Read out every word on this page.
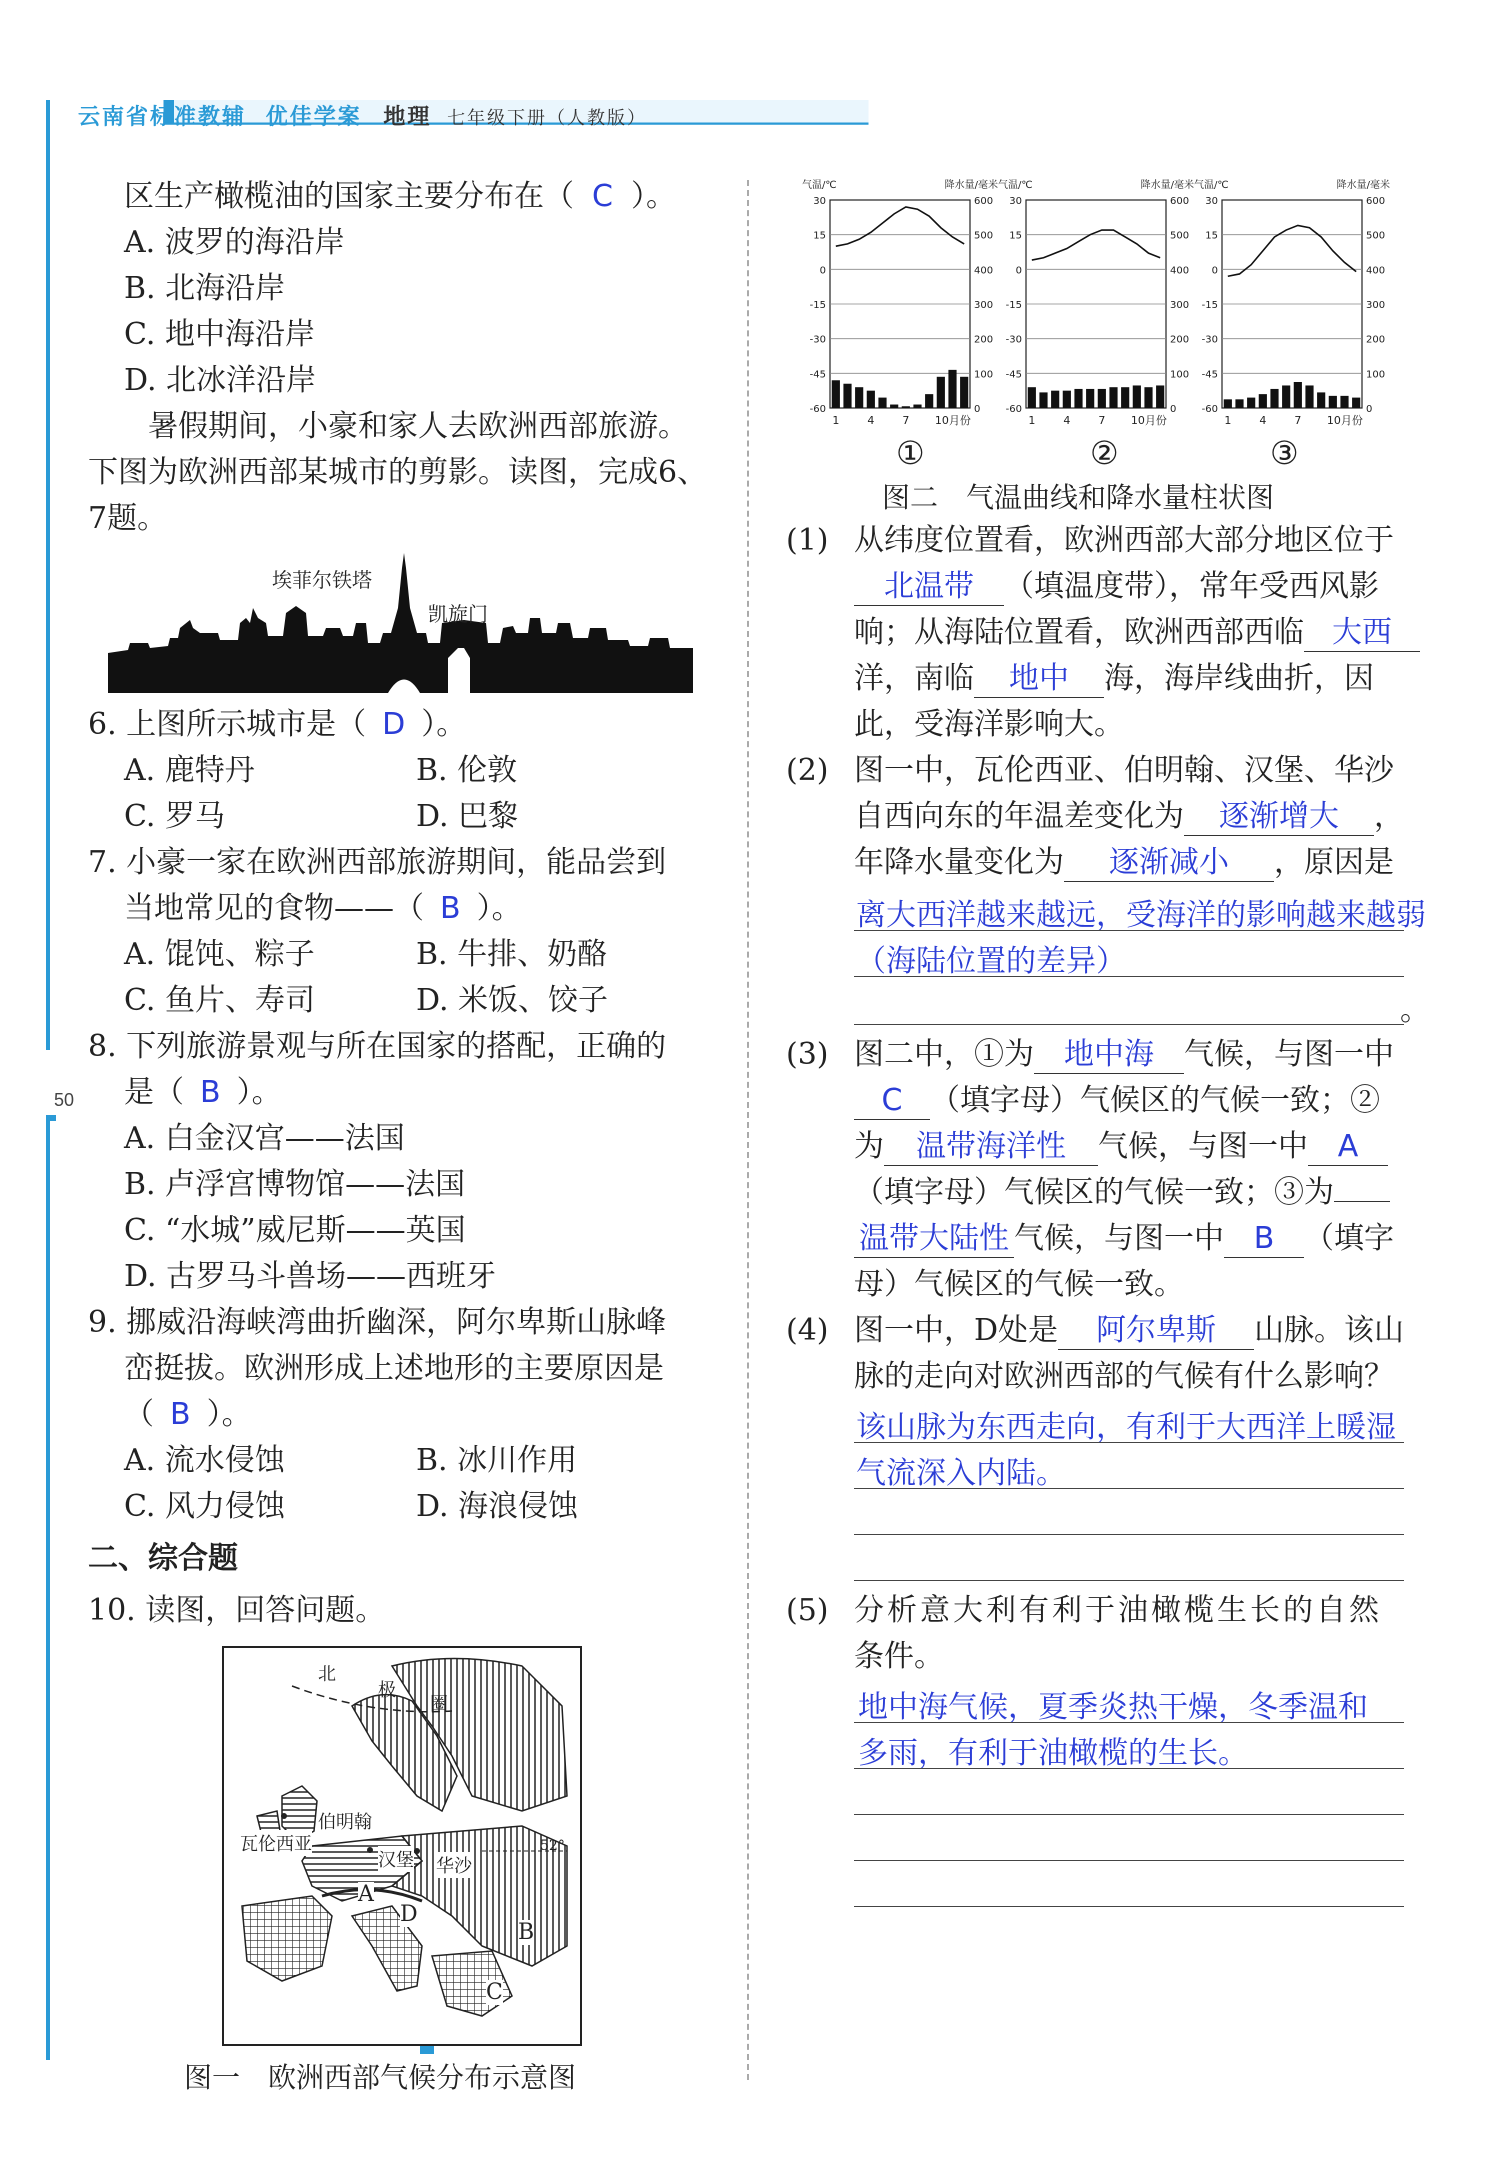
云南省标准教辅 优佳学案 地理 七年级下册（人教版）
50
区生产橄榄油的国家主要分布在（ C ）。
A. 波罗的海沿岸
B. 北海沿岸
C. 地中海沿岸
D. 北冰洋沿岸
暑假期间，小豪和家人去欧洲西部旅游。
下图为欧洲西部某城市的剪影。读图，完成6、
7题。
埃菲尔铁塔
凯旋门
6. 上图所示城市是（ D ）。
A. 鹿特丹	B. 伦敦
C. 罗马	D. 巴黎
7. 小豪一家在欧洲西部旅游期间，能品尝到
当地常见的食物——（ B ）。
A. 馄饨、粽子	B. 牛排、奶酪
C. 鱼片、寿司	D. 米饭、饺子
8. 下列旅游景观与所在国家的搭配，正确的
是（ B ）。
A. 白金汉宫——法国
B. 卢浮宫博物馆——法国
C. “水城”威尼斯——英国
D. 古罗马斗兽场——西班牙
9. 挪威沿海峡湾曲折幽深，阿尔卑斯山脉峰
峦挺拔。欧洲形成上述地形的主要原因是
（ B ）。
A. 流水侵蚀	B. 冰川作用
C. 风力侵蚀	D. 海浪侵蚀
二、综合题
10. 读图，回答问题。
北
极
圈
伯明翰
瓦伦西亚
汉堡 华沙
52°
A
B
C
D
图一　欧洲西部气候分布示意图
气温/℃	降水量/毫米
-60	0
-45	100
-30	200
-15	300
0	400
15	500
30	600
1	4	7 10月份
气温/℃	降水量/毫米
-60	0
-45	100
-30	200
-15	300
0	400
15	500
30	600
1	4	7 10月份
气温/℃	降水量/毫米
-60	0
-45	100
-30	200
-15	300
0	400
15	500
30	600
1	4	7 10月份
①	②	③
图二　气温曲线和降水量柱状图
(1) 从纬度位置看，欧洲西部大部分地区位于
北温带 （填温度带），常年受西风影
响；从海陆位置看，欧洲西部西临 大西
洋，南临 地中 海，海岸线曲折，因
此，受海洋影响大。
(2) 图一中，瓦伦西亚、伯明翰、汉堡、华沙
自西向东的年温差变化为 逐渐增大 ，
年降水量变化为 逐渐减小 ，原因是
离大西洋越来越远，受海洋的影响越来越弱
（海陆位置的差异）
。
(3) 图二中，①为 地中海 气候，与图一中
C （填字母）气候区的气候一致；②
为 温带海洋性 气候，与图一中 A
（填字母）气候区的气候一致；③为
温带大陆性 气候，与图一中 B （填字
母）气候区的气候一致。
(4) 图一中，D处是 阿尔卑斯 山脉。该山
脉的走向对欧洲西部的气候有什么影响？
该山脉为东西走向，有利于大西洋上暖湿
气流深入内陆。
(5) 分析意大利有利于油橄榄生长的自然
条件。
地中海气候，夏季炎热干燥，冬季温和
多雨，有利于油橄榄的生长。
